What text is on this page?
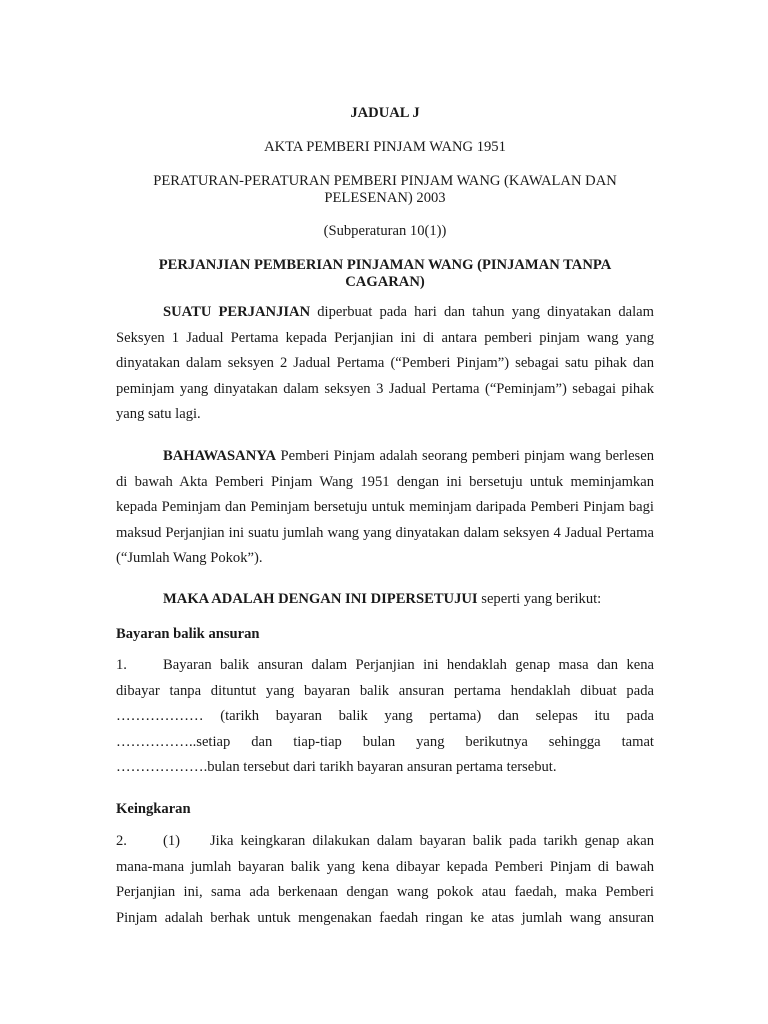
JADUAL J
AKTA PEMBERI PINJAM WANG 1951
PERATURAN-PERATURAN PEMBERI PINJAM WANG (KAWALAN DAN
PELESENAN) 2003
(Subperaturan 10(1))
PERJANJIAN PEMBERIAN PINJAMAN WANG (PINJAMAN TANPA
CAGARAN)
SUATU PERJANJIAN diperbuat pada hari dan tahun yang dinyatakan dalam Seksyen 1 Jadual Pertama kepada Perjanjian ini di antara pemberi pinjam wang yang dinyatakan dalam seksyen 2 Jadual Pertama (“Pemberi Pinjam”) sebagai satu pihak dan peminjam yang dinyatakan dalam seksyen 3 Jadual Pertama (“Peminjam”) sebagai pihak yang satu lagi.
BAHAWASANYA Pemberi Pinjam adalah seorang pemberi pinjam wang berlesen di bawah Akta Pemberi Pinjam Wang 1951 dengan ini bersetuju untuk meminjamkan kepada Peminjam dan Peminjam bersetuju untuk meminjam daripada Pemberi Pinjam bagi maksud Perjanjian ini suatu jumlah wang yang dinyatakan dalam seksyen 4 Jadual Pertama (“Jumlah Wang Pokok”).
MAKA ADALAH DENGAN INI DIPERSETUJUI seperti yang berikut:
Bayaran balik ansuran
1. Bayaran balik ansuran dalam Perjanjian ini hendaklah genap masa dan kena
dibayar tanpa dituntut yang bayaran balik ansuran pertama hendaklah dibuat pada
……………… (tarikh bayaran balik yang pertama) dan selepas itu pada
……………..setiap dan tiap-tiap bulan yang berikutnya sehingga tamat
……………….bulan tersebut dari tarikh bayaran ansuran pertama tersebut.
Keingkaran
2. (1) Jika keingkaran dilakukan dalam bayaran balik pada tarikh genap akan
mana-mana jumlah bayaran balik yang kena dibayar kepada Pemberi Pinjam di bawah
Perjanjian ini, sama ada berkenaan dengan wang pokok atau faedah, maka Pemberi
Pinjam adalah berhak untuk mengenakan faedah ringan ke atas jumlah wang ansuran
